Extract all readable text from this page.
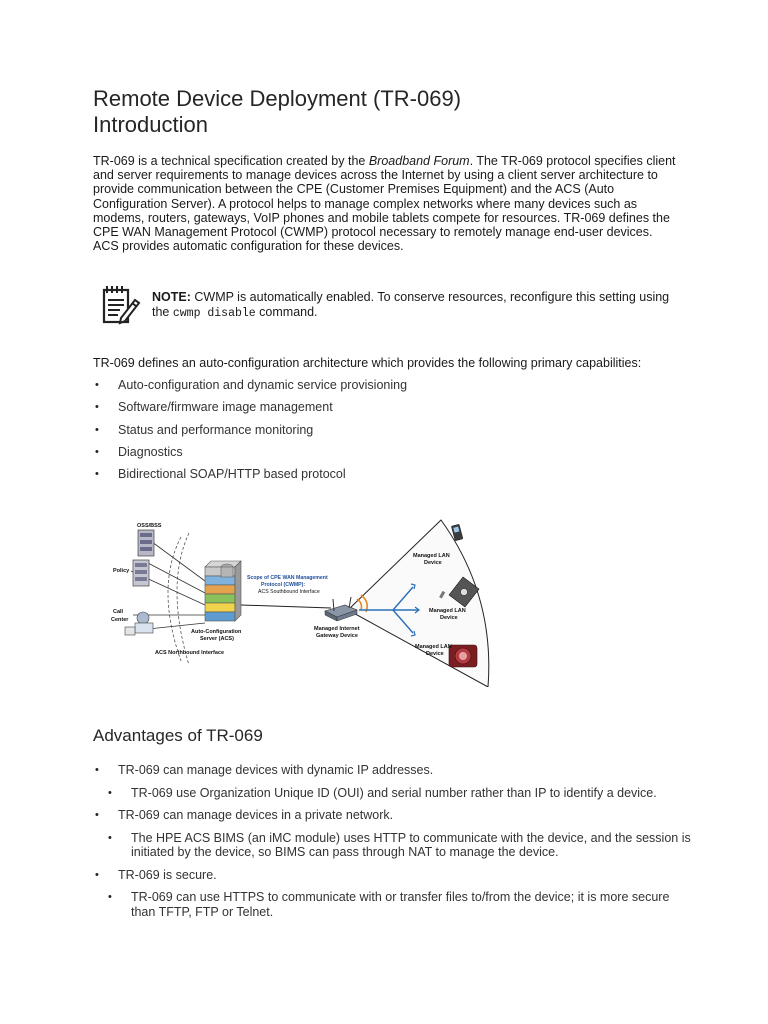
Remote Device Deployment (TR-069)
Introduction
TR-069 is a technical specification created by the Broadband Forum. The TR-069 protocol specifies client and server requirements to manage devices across the Internet by using a client server architecture to provide communication between the CPE (Customer Premises Equipment) and the ACS (Auto Configuration Server). A protocol helps to manage complex networks where many devices such as modems, routers, gateways, VoIP phones and mobile tablets compete for resources. TR-069 defines the CPE WAN Management Protocol (CWMP) protocol necessary to remotely manage end-user devices. ACS provides automatic configuration for these devices.
NOTE: CWMP is automatically enabled. To conserve resources, reconfigure this setting using the cwmp disable command.
TR-069 defines an auto-configuration architecture which provides the following primary capabilities:
• Auto-configuration and dynamic service provisioning
• Software/firmware image management
• Status and performance monitoring
• Diagnostics
• Bidirectional SOAP/HTTP based protocol
OSS/BSS
Policy
Call
Center
Auto-Configuration
Server (ACS)
ACS Northbound Interface
Scope of CPE WAN Management
Protocol (CWMP):
ACS Southbound Interface
Managed Internet
Gateway Device
Managed LAN
Device
Managed LAN
Device
Managed LAN
Device
Advantages of TR-069
• TR-069 can manage devices with dynamic IP addresses.
• TR-069 use Organization Unique ID (OUI) and serial number rather than IP to identify a device.
• TR-069 can manage devices in a private network.
• The HPE ACS BIMS (an iMC module) uses HTTP to communicate with the device, and the session is initiated by the device, so BIMS can pass through NAT to manage the device.
• TR-069 is secure.
• TR-069 can use HTTPS to communicate with or transfer files to/from the device; it is more secure than TFTP, FTP or Telnet.
